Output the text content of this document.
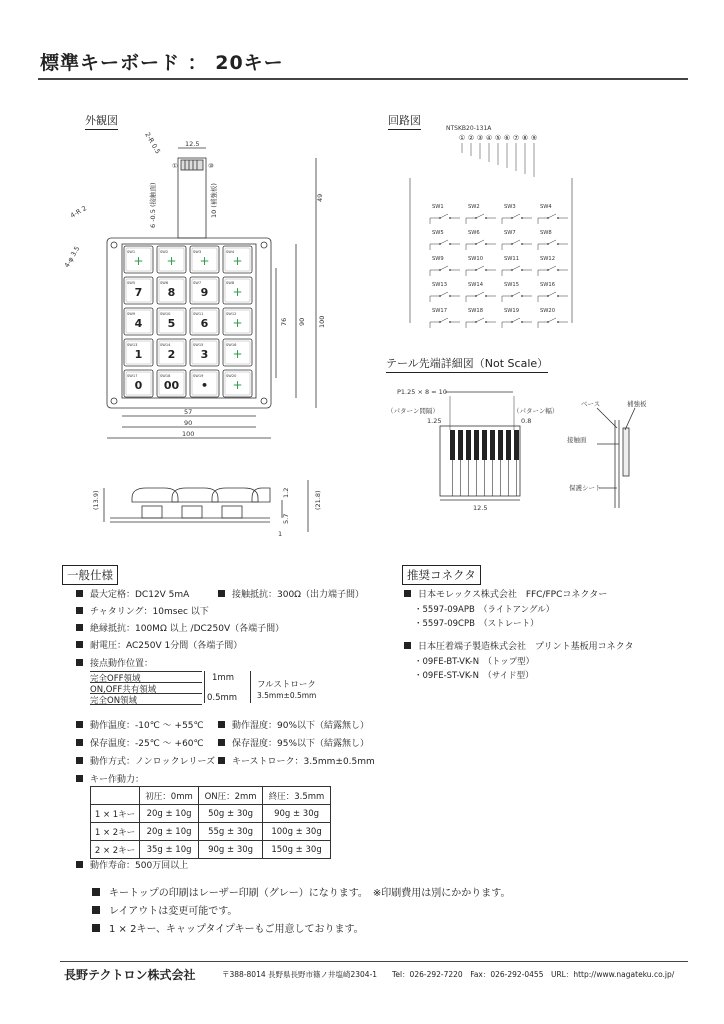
標準キーボード ： 20キー
外観図	回路図
テール先端詳細図（Not Scale）
SW1
+
SW2
+
SW3
+
SW4
+
SW5
7
SW6
8
SW7
9
SW8
+
SW9
4
SW10
5
SW11
6
SW12
+
SW13
1
SW14
2
SW15
3
SW16
+
SW17
0
SW18
00
SW19
•
SW20
+
12.5
2-R 0.5
①	⑩
6 -0.5 (接触面)	10 (補強板)	49
4-R 2
4-φ 3.5
57
90
100
76 90 100
(13.9)	1.2	(21.8)
5.7
1
NTSKB20-131A
① ② ③ ④ ⑤ ⑥ ⑦ ⑧ ⑨
SW1	SW2	SW3	SW4
SW5	SW6	SW7	SW8
SW9	SW10	SW11	SW12
SW13	SW14	SW15	SW16
SW17	SW18	SW19	SW20
P1.25 × 8 = 10
（パターン間隔）
1.25
（パターン幅）
0.8
12.5
ベース	補強板
接触面
保護シート
一般仕様	推奨コネクタ
最大定格：DC12V 5mA	接触抵抗：300Ω（出力端子間）
チャタリング：10msec 以下
絶縁抵抗：100MΩ 以上 /DC250V（各端子間）
耐電圧：AC250V 1分間（各端子間）
接点動作位置：
完全OFF領域
ON,OFF共有領域
完全ON領域
1mm
0.5mm
フルストローク
3.5mm±0.5mm
動作温度：-10℃ ～ +55℃	動作湿度：90%以下（結露無し）
保存温度：-25℃ ～ +60℃	保存湿度：95%以下（結露無し）
動作方式：ノンロックレリーズ	キーストローク：3.5mm±0.5mm
キー作動力：
	初圧：0mm	ON圧：2mm	終圧：3.5mm
1 × 1キー	20g ± 10g	50g ± 30g	90g ± 30g
1 × 2キー	20g ± 10g	55g ± 30g	100g ± 30g
2 × 2キー	35g ± 10g	90g ± 30g	150g ± 30g
動作寿命：500万回以上
日本モレックス株式会社　FFC/FPCコネクター
・5597-09APB　（ライトアングル）
・5597-09CPB　（ストレート）
日本圧着端子製造株式会社　プリント基板用コネクタ
・09FE-BT-VK-N　（トップ型）
・09FE-ST-VK-N　（サイド型）
キートップの印刷はレーザー印刷（グレー）になります。　※印刷費用は別にかかります。
レイアウトは変更可能です。
1 × 2キー、キャップタイプキーもご用意しております。
長野テクトロン株式会社	〒388-8014 長野県長野市篠ノ井塩崎2304-1　　Tel：026-292-7220　Fax：026-292-0455　URL：http://www.nagateku.co.jp/
